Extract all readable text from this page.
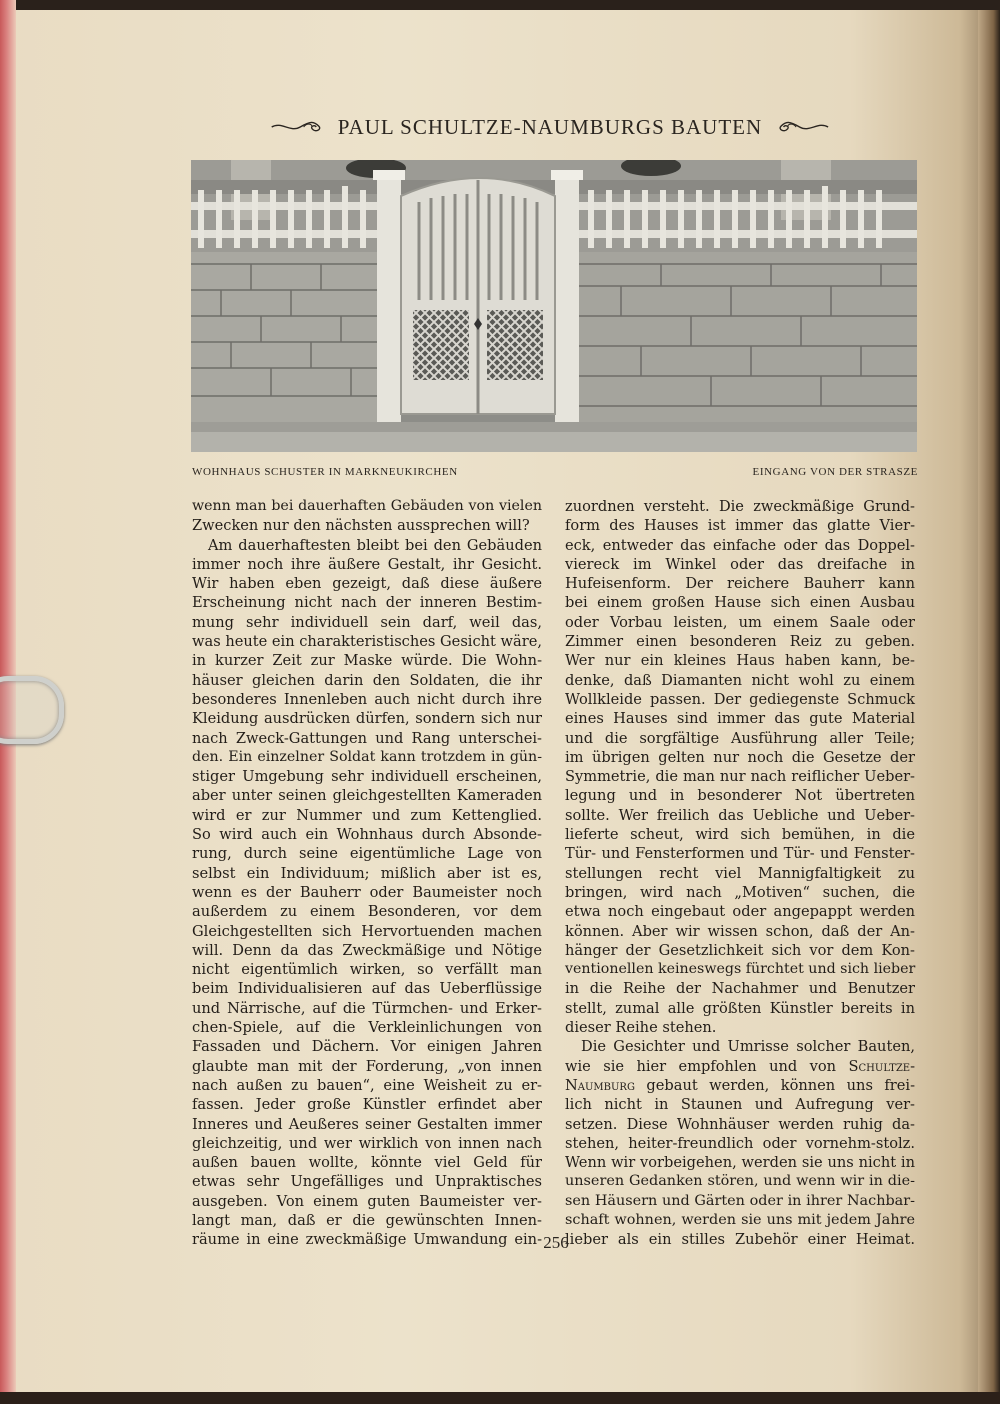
PAUL SCHULTZE-NAUMBURGS BAUTEN
WOHNHAUS SCHUSTER IN MARKNEUKIRCHEN	EINGANG VON DER STRASZE
wenn man bei dauerhaften Gebäuden von vielen
Zwecken nur den nächsten aussprechen will?
Am dauerhaftesten bleibt bei den Gebäuden
immer noch ihre äußere Gestalt, ihr Gesicht.
Wir haben eben gezeigt, daß diese äußere
Erscheinung nicht nach der inneren Bestim-
mung sehr individuell sein darf, weil das,
was heute ein charakteristisches Gesicht wäre,
in kurzer Zeit zur Maske würde. Die Wohn-
häuser gleichen darin den Soldaten, die ihr
besonderes Innenleben auch nicht durch ihre
Kleidung ausdrücken dürfen, sondern sich nur
nach Zweck-Gattungen und Rang unterschei-
den. Ein einzelner Soldat kann trotzdem in gün-
stiger Umgebung sehr individuell erscheinen,
aber unter seinen gleichgestellten Kameraden
wird er zur Nummer und zum Kettenglied.
So wird auch ein Wohnhaus durch Absonde-
rung, durch seine eigentümliche Lage von
selbst ein Individuum; mißlich aber ist es,
wenn es der Bauherr oder Baumeister noch
außerdem zu einem Besonderen, vor dem
Gleichgestellten sich Hervortuenden machen
will. Denn da das Zweckmäßige und Nötige
nicht eigentümlich wirken, so verfällt man
beim Individualisieren auf das Ueberflüssige
und Närrische, auf die Türmchen- und Erker-
chen-Spiele, auf die Verkleinlichungen von
Fassaden und Dächern. Vor einigen Jahren
glaubte man mit der Forderung, „von innen
nach außen zu bauen“, eine Weisheit zu er-
fassen. Jeder große Künstler erfindet aber
Inneres und Aeußeres seiner Gestalten immer
gleichzeitig, und wer wirklich von innen nach
außen bauen wollte, könnte viel Geld für
etwas sehr Ungefälliges und Unpraktisches
ausgeben. Von einem guten Baumeister ver-
langt man, daß er die gewünschten Innen-
räume in eine zweckmäßige Umwandung ein-
zuordnen versteht. Die zweckmäßige Grund-
form des Hauses ist immer das glatte Vier-
eck, entweder das einfache oder das Doppel-
viereck im Winkel oder das dreifache in
Hufeisenform. Der reichere Bauherr kann
bei einem großen Hause sich einen Ausbau
oder Vorbau leisten, um einem Saale oder
Zimmer einen besonderen Reiz zu geben.
Wer nur ein kleines Haus haben kann, be-
denke, daß Diamanten nicht wohl zu einem
Wollkleide passen. Der gediegenste Schmuck
eines Hauses sind immer das gute Material
und die sorgfältige Ausführung aller Teile;
im übrigen gelten nur noch die Gesetze der
Symmetrie, die man nur nach reiflicher Ueber-
legung und in besonderer Not übertreten
sollte. Wer freilich das Uebliche und Ueber-
lieferte scheut, wird sich bemühen, in die
Tür- und Fensterformen und Tür- und Fenster-
stellungen recht viel Mannigfaltigkeit zu
bringen, wird nach „Motiven“ suchen, die
etwa noch eingebaut oder angepappt werden
können. Aber wir wissen schon, daß der An-
hänger der Gesetzlichkeit sich vor dem Kon-
ventionellen keineswegs fürchtet und sich lieber
in die Reihe der Nachahmer und Benutzer
stellt, zumal alle größten Künstler bereits in
dieser Reihe stehen.
Die Gesichter und Umrisse solcher Bauten,
wie sie hier empfohlen und von Schultze-
Naumburg gebaut werden, können uns frei-
lich nicht in Staunen und Aufregung ver-
setzen. Diese Wohnhäuser werden ruhig da-
stehen, heiter-freundlich oder vornehm-stolz.
Wenn wir vorbeigehen, werden sie uns nicht in
unseren Gedanken stören, und wenn wir in die-
sen Häusern und Gärten oder in ihrer Nachbar-
schaft wohnen, werden sie uns mit jedem Jahre
lieber als ein stilles Zubehör einer Heimat.
256
